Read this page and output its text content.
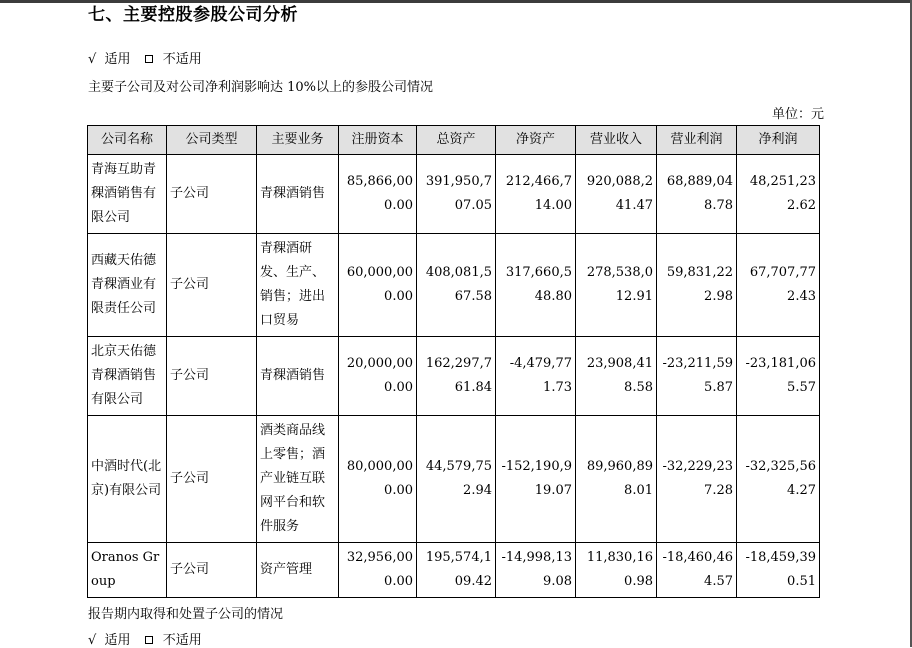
七、主要控股参股公司分析
√ 适用 不适用
主要子公司及对公司净利润影响达 10%以上的参股公司情况
单位：元
公司名称	公司类型	主要业务	注册资本	总资产	净资产	营业收入	营业利润	净利润
青海互助青稞酒销售有限公司	子公司	青稞酒销售	85,866,000.00	391,950,707.05	212,466,714.00	920,088,241.47	68,889,048.78	48,251,232.62
西藏天佑德青稞酒业有限责任公司	子公司	青稞酒研发、生产、销售；进出口贸易	60,000,000.00	408,081,567.58	317,660,548.80	278,538,012.91	59,831,222.98	67,707,772.43
北京天佑德青稞酒销售有限公司	子公司	青稞酒销售	20,000,000.00	162,297,761.84	-4,479,771.73	23,908,418.58	-23,211,595.87	-23,181,065.57
中酒时代(北京)有限公司	子公司	酒类商品线上零售；酒产业链互联网平台和软件服务	80,000,000.00	44,579,752.94	-152,190,919.07	89,960,898.01	-32,229,237.28	-32,325,564.27
Oranos Group	子公司	资产管理	32,956,000.00	195,574,109.42	-14,998,139.08	11,830,160.98	-18,460,464.57	-18,459,390.51
报告期内取得和处置子公司的情况
√ 适用 不适用
